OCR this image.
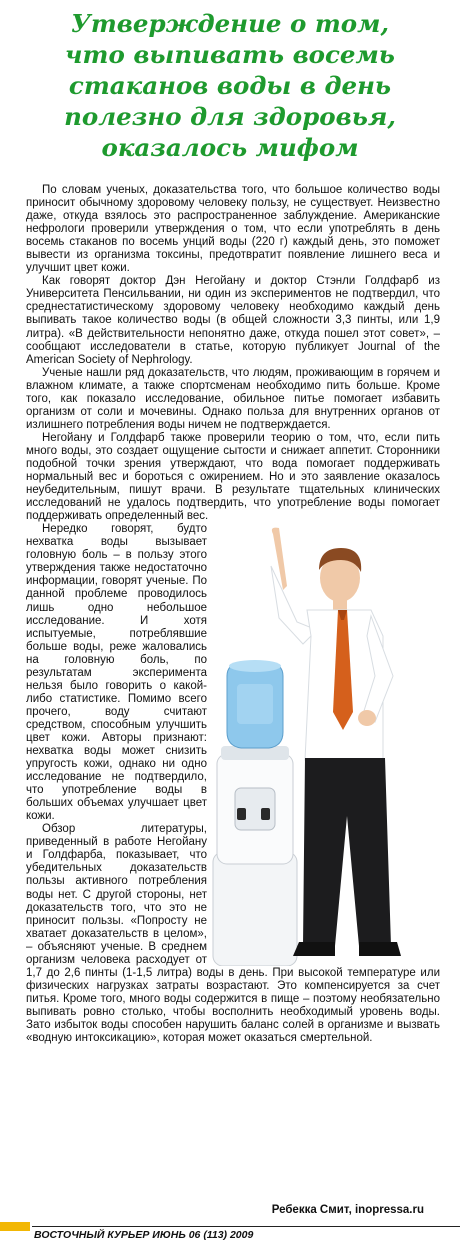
Утверждение о том,
что выпивать восемь
стаканов воды в день
полезно для здоровья,
оказалось мифом

По словам ученых, доказательства того, что большое количество воды приносит обычному здоровому человеку пользу, не существует. Неизвестно даже, откуда взялось это распространенное заблуждение. Американские нефрологи проверили утверждения о том, что если употреблять в день восемь стаканов по восемь унций воды (220 г) каждый день, это поможет вывести из организма токсины, предотвратит появление лишнего веса и улучшит цвет кожи.

Как говорят доктор Дэн Негойану и доктор Стэнли Голдфарб из Университета Пенсильвании, ни один из экспериментов не подтвердил, что среднестатистическому здоровому человеку необходимо каждый день выпивать такое количество воды (в общей сложности 3,3 пинты, или 1,9 литра). «В действительности непонятно даже, откуда пошел этот совет», – сообщают исследователи в статье, которую публикует Journal of the American Society of Nephrology.

Ученые нашли ряд доказательств, что людям, проживающим в горячем и влажном климате, а также спортсменам необходимо пить больше. Кроме того, как показало исследование, обильное питье помогает избавить организм от соли и мочевины. Однако польза для внутренних органов от излишнего потребления воды ничем не подтверждается.

Негойану и Голдфарб также проверили теорию о том, что, если пить много воды, это создает ощущение сытости и снижает аппетит. Сторонники подобной точки зрения утверждают, что вода помогает поддерживать нормальный вес и бороться с ожирением. Но и это заявление оказалось неубедительным, пишут врачи. В результате тщательных клинических исследований не удалось подтвердить, что употребление воды помогает поддерживать определенный вес.

Нередко говорят, будто нехватка воды вызывает головную боль – в пользу этого утверждения также недостаточно информации, говорят ученые. По данной проблеме проводилось лишь одно небольшое исследование. И хотя испытуемые, потреблявшие больше воды, реже жаловались на головную боль, по результатам эксперимента нельзя было говорить о какой-либо статистике. Помимо всего прочего, воду считают средством, способным улучшить цвет кожи. Авторы признают: нехватка воды может снизить упругость кожи, однако ни одно исследование не подтвердило, что употребление воды в больших объемах улучшает цвет кожи.

Обзор литературы, приведенный в работе Негойану и Голдфарба, показывает, что убедительных доказательств пользы активного потребления воды нет. С другой стороны, нет доказательств того, что это не приносит пользы. «Попросту не хватает доказательств в целом», – объясняют ученые. В среднем организм человека расходует от 1,7 до 2,6 пинты (1-1,5 литра) воды в день. При высокой температуре или физических нагрузках затраты возрастают. Это компенсируется за счет питья. Кроме того, много воды содержится в пище – поэтому необязательно выпивать ровно столько, чтобы восполнить необходимый уровень воды. Зато избыток воды способен нарушить баланс солей в организме и вызвать «водную интоксикацию», которая может оказаться смертельной.

Ребекка Смит, inopressa.ru
ВОСТОЧНЫЙ КУРЬЕР ИЮНЬ 06 (113) 2009
